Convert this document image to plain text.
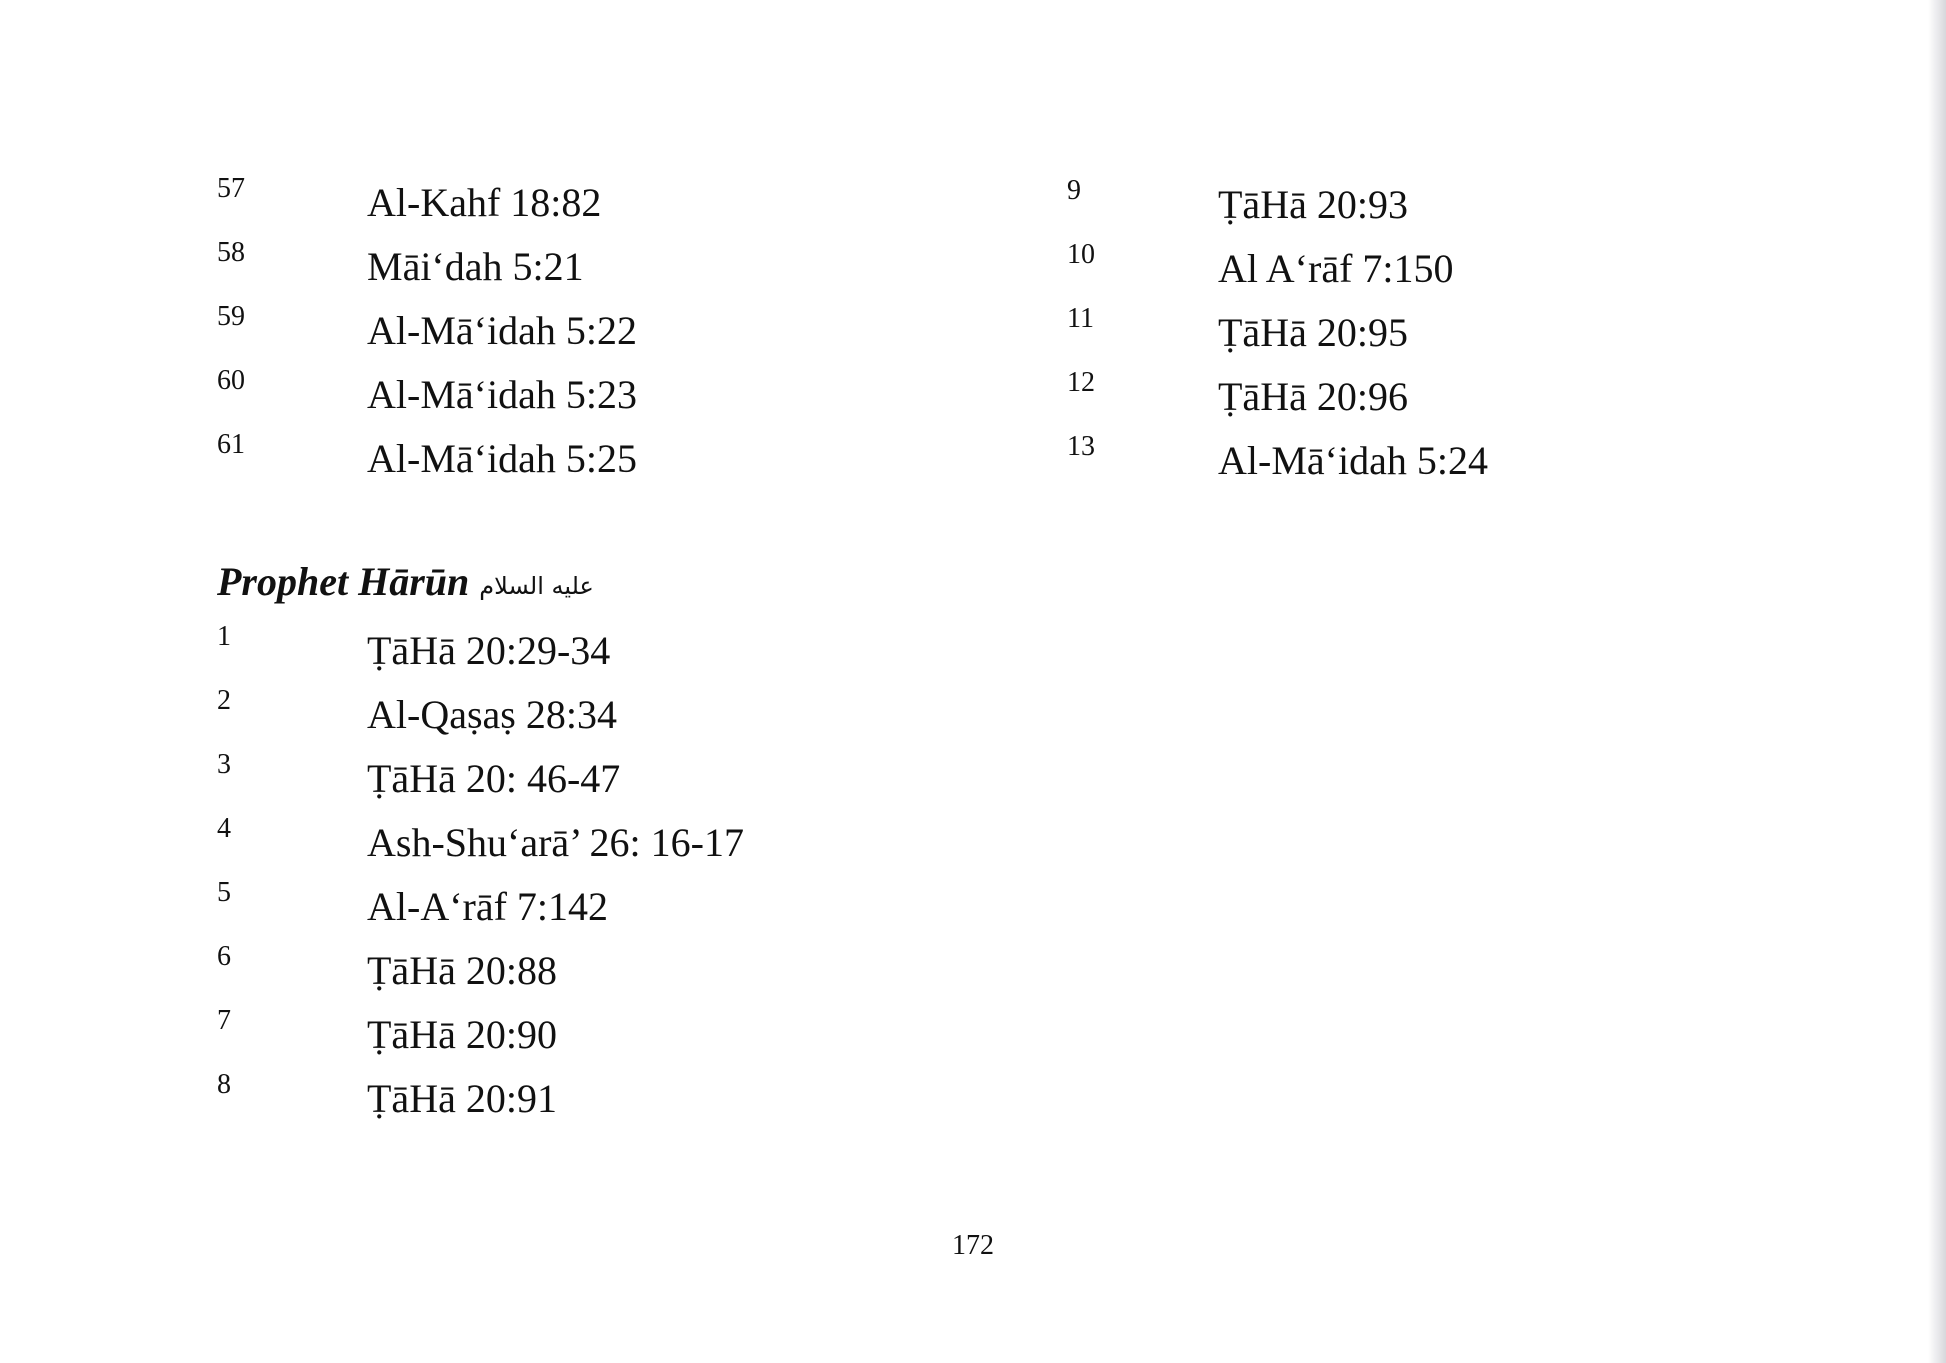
57	Al-Kahf 18:82
58	Māi‘dah 5:21
59	Al-Mā‘idah 5:22
60	Al-Mā‘idah 5:23
61	Al-Mā‘idah 5:25
9	ṬāHā 20:93
10	Al A‘rāf 7:150
11	ṬāHā 20:95
12	ṬāHā 20:96
13	Al-Mā‘idah 5:24
Prophet Hārūn عليه السلام
1	ṬāHā 20:29-34
2	Al-Qaṣaṣ 28:34
3	ṬāHā 20: 46-47
4	Ash-Shu‘arā’ 26: 16-17
5	Al-A‘rāf 7:142
6	ṬāHā 20:88
7	ṬāHā 20:90
8	ṬāHā 20:91
172
